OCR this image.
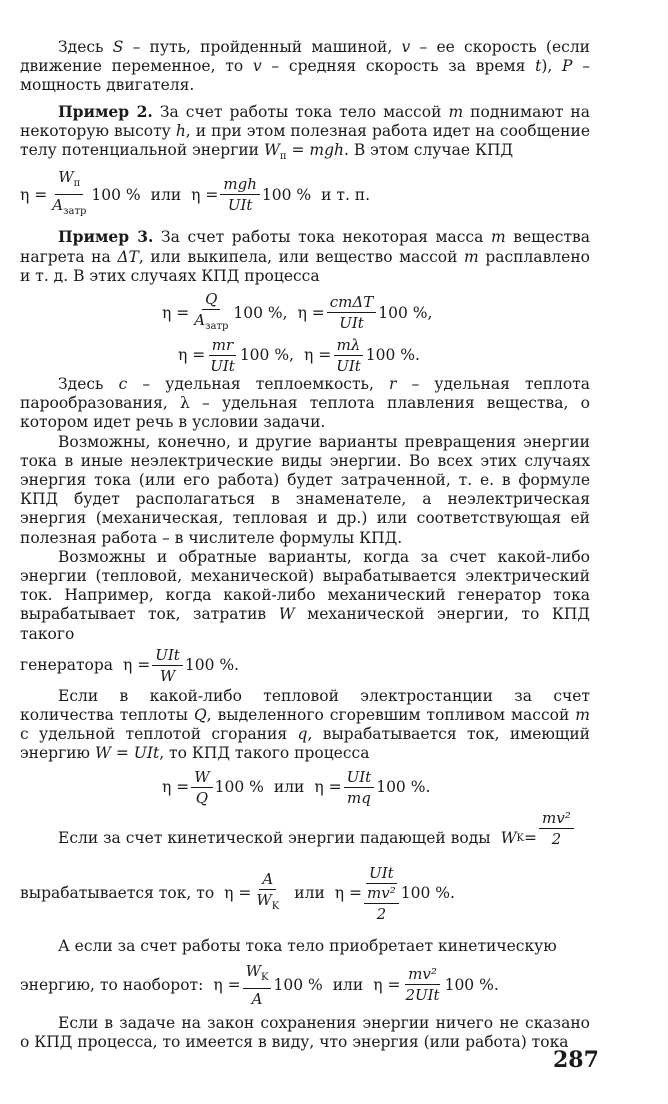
Здесь S – путь, пройденный машиной, v – ее скорость (если движение переменное, то v – средняя скорость за время t), P – мощность двигателя.

Пример 2. За счет работы тока тело массой m поднимают на некоторую высоту h, и при этом полезная работа идет на сообщение телу потенциальной энергии $W_п$ = mgh. В этом случае КПД

$\eta = \frac{W_п}{A_{затр}} 100$ % или $\eta = \frac{\text{mgh}}{\text{UIt}} 100$ % и т. п.

Пример 3. За счет работы тока некоторая масса m вещества нагрета на ΔT, или выкипела, или вещество массой m расплавлено и т. д. В этих случаях КПД процесса

$\eta = \frac{Q}{A_{затр}} 100$ %, $\eta = \frac{\text{cmΔT}}{\text{UIt}} 100$ %,
$\eta = \frac{mr}{\text{UIt}} 100$ %, $\eta = \frac{m\lambda}{\text{UIt}} 100$ %.

Здесь c – удельная теплоемкость, r – удельная теплота парообразования, λ – удельная теплота плавления вещества, о котором идет речь в условии задачи.

Возможны, конечно, и другие варианты превращения энергии тока в иные неэлектрические виды энергии. Во всех этих случаях энергия тока (или его работа) будет затраченной, т. е. в формуле КПД будет располагаться в знаменателе, а неэлектрическая энергия (механическая, тепловая и др.) или соответствующая ей полезная работа – в числителе формулы КПД.

Возможны и обратные варианты, когда за счет какой-либо энергии (тепловой, механической) вырабатывается электрический ток. Например, когда какой-либо механический генератор тока вырабатывает ток, затратив W механической энергии, то КПД такого

генератора $\eta = \frac{\text{UIt}}{W} 100$ %.

Если в какой-либо тепловой электростанции за счет количества теплоты Q, выделенного сгоревшим топливом массой m с удельной теплотой сгорания q, вырабатывается ток, имеющий энергию W = UIt, то КПД такого процесса

$\eta = \frac{W}{Q} 100$ % или $\eta = \frac{\text{UIt}}{mq} 100$ %.
Если за счет кинетической энергии падающей воды W $K = \frac{\text{mv²}}{2}$
вырабатывается ток, то $\eta = \frac{A}{W_K}$ или $\eta = \frac{\text{UIt}}{\frac{\text{mv²}}{2}} 100$ %.

А если за счет работы тока тело приобретает кинетическую

энергию, то наоборот: $\eta = \frac{W_K}{A} 100$ % или $\eta = \frac{\text{mv²}}{\text{2UIt}} 100$ %.

Если в задаче на закон сохранения энергии ничего не сказано о КПД процесса, то имеется в виду, что энергия (или работа) тока

287
